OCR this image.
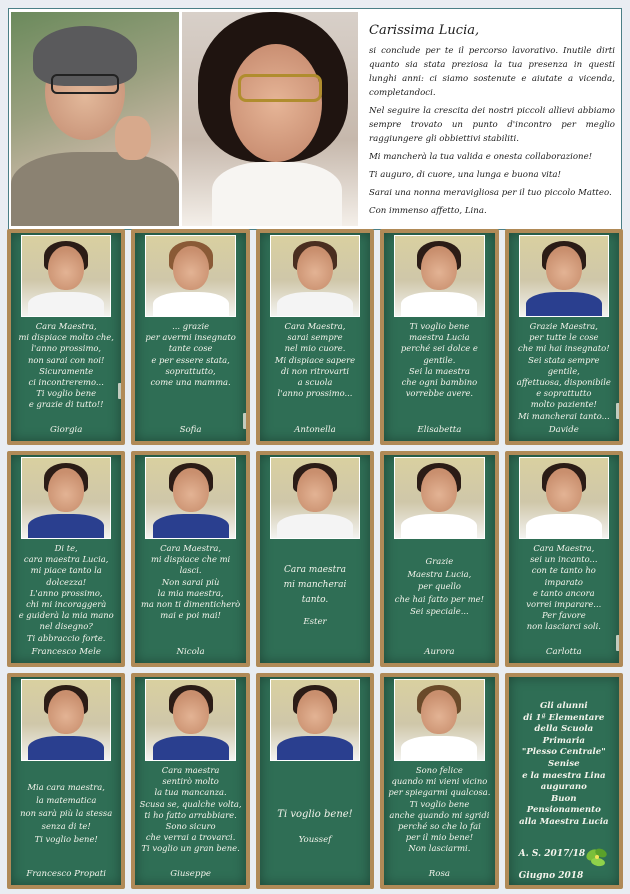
Carissima Lucia,

si conclude per te il percorso lavorativo. Inutile dirti quanto sia stata preziosa la tua presenza in questi lunghi anni: ci siamo sostenute e aiutate a vicenda, completandoci.

Nel seguire la crescita dei nostri piccoli allievi abbiamo sempre trovato un punto d'incontro per meglio raggiungere gli obbiettivi stabiliti.

Mi mancherà la tua valida e onesta collaborazione!

Ti auguro, di cuore, una lunga e buona vita!

Sarai una nonna meravigliosa per il tuo piccolo Matteo.

Con immenso affetto, Lina.

Cara Maestra,
mi dispiace molto che,
l'anno prossimo,
non sarai con noi!
Sicuramente
ci incontreremo...
Ti voglio bene
e grazie di tutto!!
Giorgia
... grazie
per avermi insegnato
tante cose
e per essere stata,
soprattutto,
come una mamma.
Sofia
Cara Maestra,
sarai sempre
nel mio cuore.
Mi dispiace sapere
di non ritrovarti
a scuola
l'anno prossimo...
Antonella
Ti voglio bene
maestra Lucia
perché sei dolce e gentile.
Sei la maestra
che ogni bambino
vorrebbe avere.
Elisabetta
Grazie Maestra,
per tutte le cose
che mi hai insegnato!
Sei stata sempre gentile,
affettuosa, disponibile
e soprattutto
molto paziente!
Mi mancherai tanto...
Davide
Di te,
cara maestra Lucia,
mi piace tanto la dolcezza!
L'anno prossimo,
chi mi incoraggerà
e guiderà la mia mano
nel disegno?
Ti abbraccio forte.
Francesco Mele
Cara Maestra,
mi dispiace che mi lasci.
Non sarai più
la mia maestra,
ma non ti dimenticherò
mai e poi mai!
Nicola
Cara maestra
mi mancherai
tanto.
Ester
Grazie
Maestra Lucia,
per quello
che hai fatto per me!
Sei speciale...
Aurora
Cara Maestra,
sei un incanto...
con te tanto ho imparato
e tanto ancora
vorrei imparare...
Per favore
non lasciarci soli.
Carlotta
Mia cara maestra,
la matematica
non sarà più la stessa
senza di te!
Ti voglio bene!
Francesco Propati
Cara maestra
sentirò molto
la tua mancanza.
Scusa se, qualche volta,
ti ho fatto arrabbiare.
Sono sicuro
che verrai a trovarci.
Ti voglio un gran bene.
Giuseppe
Ti voglio bene!
Youssef
Sono felice
quando mi vieni vicino
per spiegarmi qualcosa.
Ti voglio bene
anche quando mi sgridi
perché so che lo fai
per il mio bene!
Non lasciarmi.
Rosa
Gli alunni
di 1ª Elementare
della Scuola Primaria
"Plesso Centrale"
Senise
e la maestra Lina
augurano
Buon Pensionamento
alla Maestra Lucia
A. S. 2017/18
Giugno 2018
